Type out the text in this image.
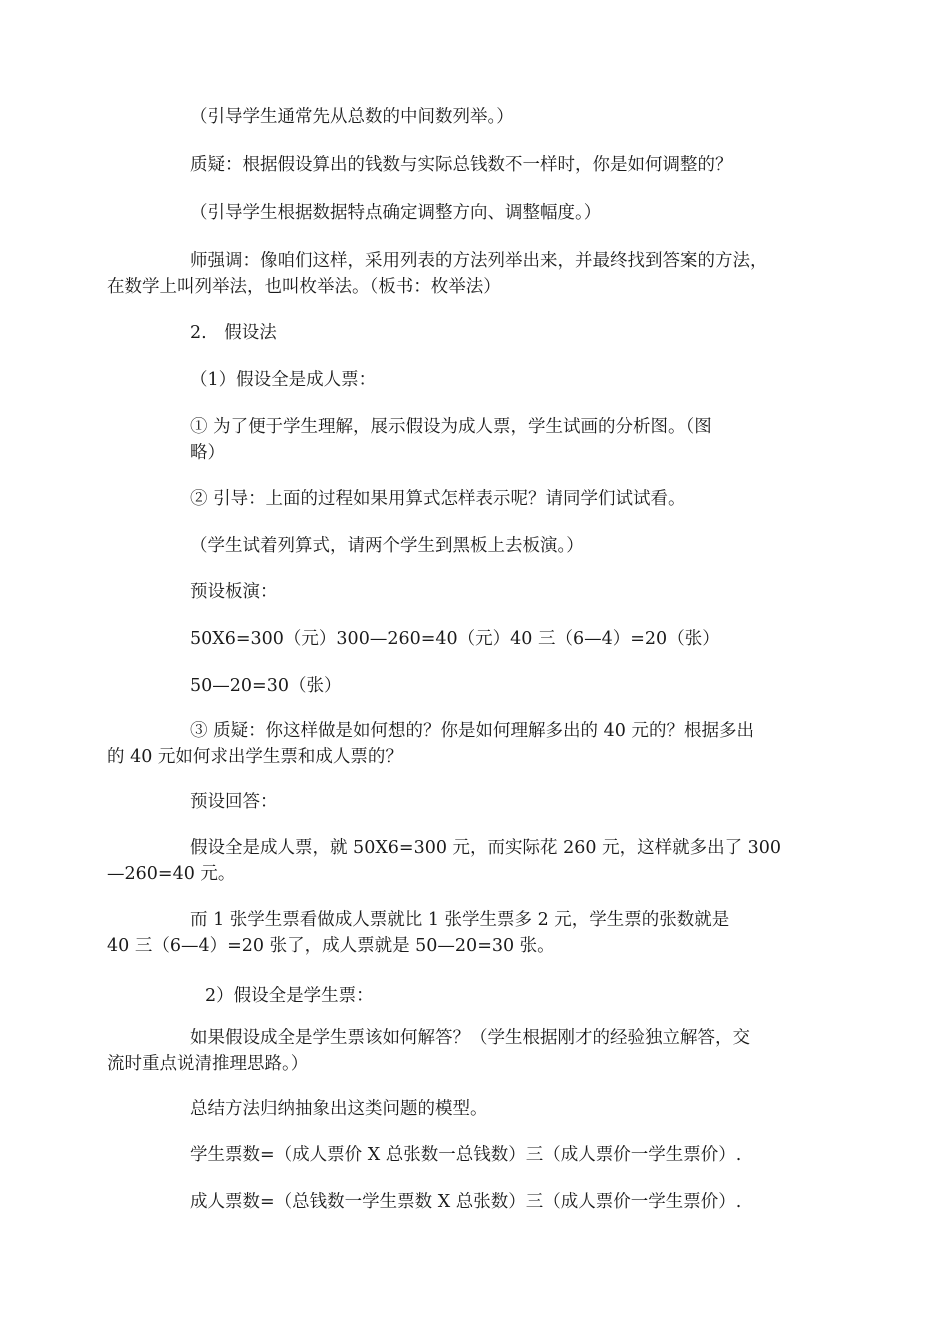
（引导学生通常先从总数的中间数列举。）

质疑：根据假设算出的钱数与实际总钱数不一样时，你是如何调整的？

（引导学生根据数据特点确定调整方向、调整幅度。）

师强调：像咱们这样，采用列表的方法列举出来，并最终找到答案的方法，
在数学上叫列举法，也叫枚举法。（板书：枚举法）

2.　假设法

（1）假设全是成人票：

① 为了便于学生理解，展示假设为成人票，学生试画的分析图。（图
略）

② 引导：上面的过程如果用算式怎样表示呢？请同学们试试看。

（学生试着列算式，请两个学生到黑板上去板演。）

预设板演：

50X6=300（元）300—260=40（元）40 三（6—4）=20（张）

50—20=30（张）

③ 质疑：你这样做是如何想的？你是如何理解多出的 40 元的？根据多出
的 40 元如何求出学生票和成人票的？

预设回答：

假设全是成人票，就 50X6=300 元，而实际花 260 元，这样就多出了 300
—260=40 元。

而 1 张学生票看做成人票就比 1 张学生票多 2 元，学生票的张数就是
40 三（6—4）=20 张了，成人票就是 50—20=30 张。

2）假设全是学生票：

如果假设成全是学生票该如何解答？（学生根据刚才的经验独立解答，交
流时重点说清推理思路。）

总结方法归纳抽象出这类问题的模型。

学生票数=（成人票价 X 总张数一总钱数）三（成人票价一学生票价）.

成人票数=（总钱数一学生票数 X 总张数）三（成人票价一学生票价）.
